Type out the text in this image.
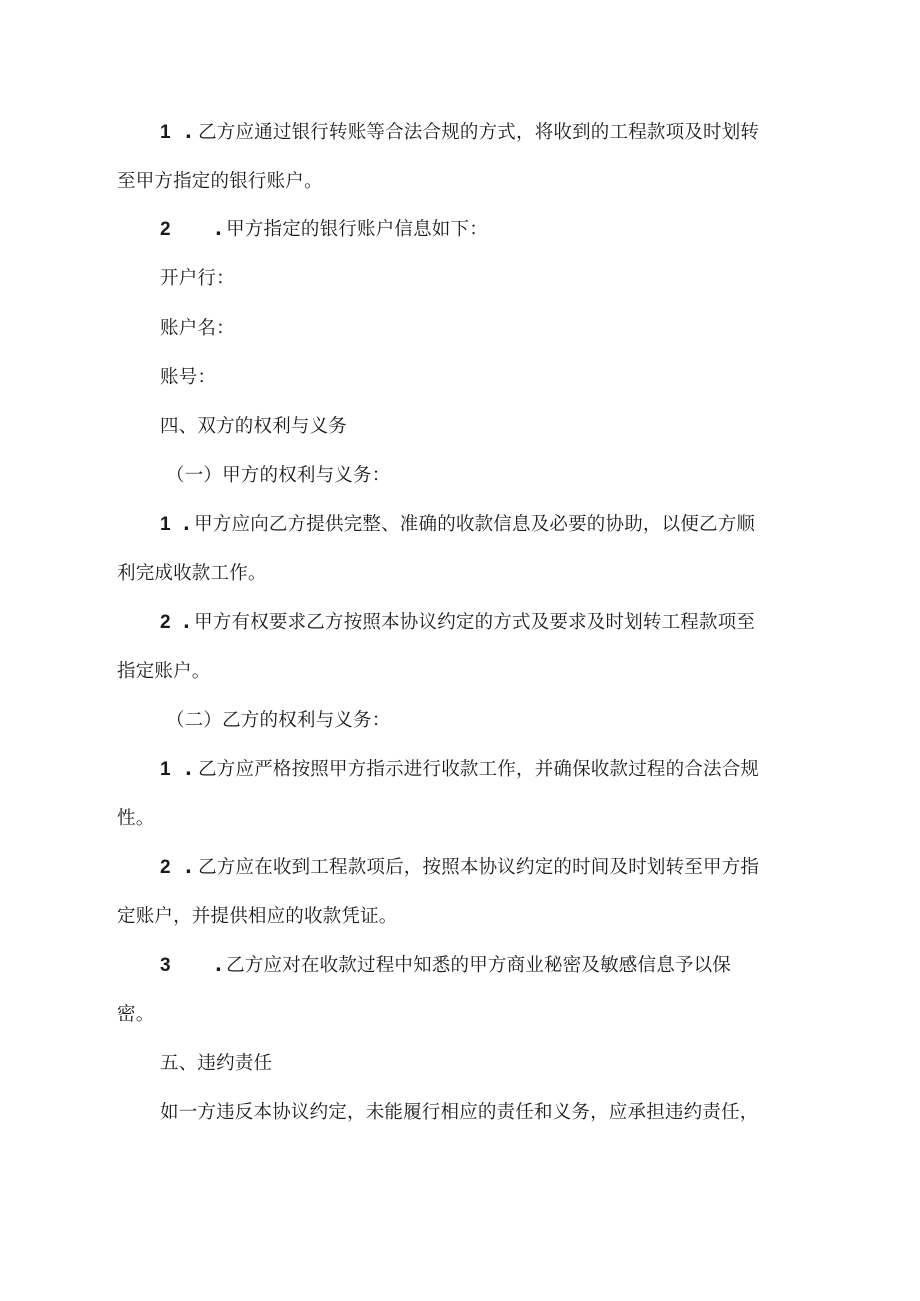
1 . 乙方应通过银行转账等合法合规的方式，将收到的工程款项及时划转
至甲方指定的银行账户。
2 . 甲方指定的银行账户信息如下：
开户行：
账户名：
账号：
四、双方的权利与义务
（一）甲方的权利与义务：
1 . 甲方应向乙方提供完整、准确的收款信息及必要的协助，以便乙方顺
利完成收款工作。
2 . 甲方有权要求乙方按照本协议约定的方式及要求及时划转工程款项至
指定账户。
（二）乙方的权利与义务：
1 . 乙方应严格按照甲方指示进行收款工作，并确保收款过程的合法合规
性。
2 . 乙方应在收到工程款项后，按照本协议约定的时间及时划转至甲方指
定账户，并提供相应的收款凭证。
3 . 乙方应对在收款过程中知悉的甲方商业秘密及敏感信息予以保
密。
五、违约责任
如一方违反本协议约定，未能履行相应的责任和义务，应承担违约责任，
